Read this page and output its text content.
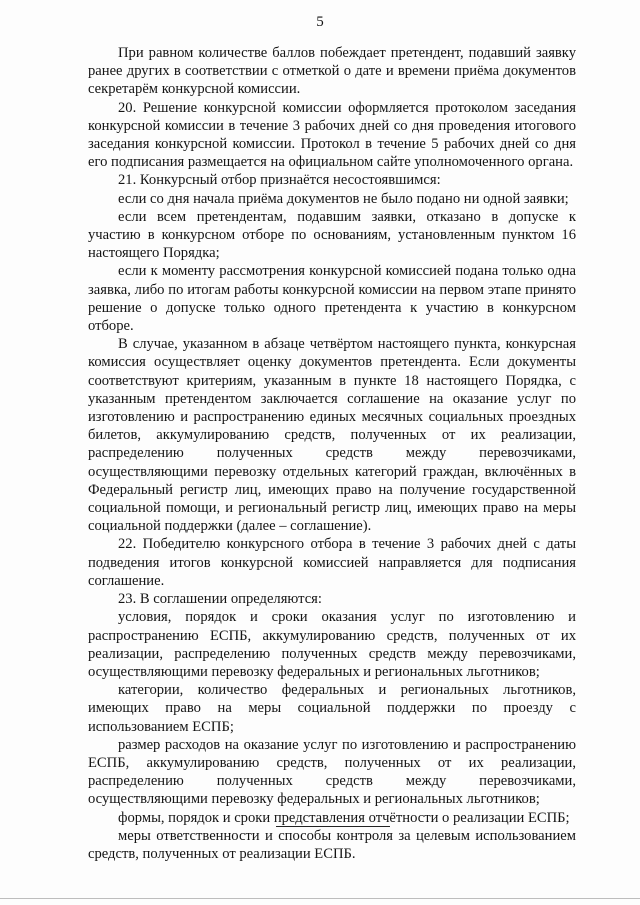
5

При равном количестве баллов побеждает претендент, подавший заявку ранее других в соответствии с отметкой о дате и времени приёма документов секретарём конкурсной комиссии.

20. Решение конкурсной комиссии оформляется протоколом заседания конкурсной комиссии в течение 3 рабочих дней со дня проведения итогового заседания конкурсной комиссии. Протокол в течение 5 рабочих дней со дня его подписания размещается на официальном сайте уполномоченного органа.

21. Конкурсный отбор признаётся несостоявшимся:

если со дня начала приёма документов не было подано ни одной заявки;

если всем претендентам, подавшим заявки, отказано в допуске к участию в конкурсном отборе по основаниям, установленным пунктом 16 настоящего Порядка;

если к моменту рассмотрения конкурсной комиссией подана только одна заявка, либо по итогам работы конкурсной комиссии на первом этапе принято решение о допуске только одного претендента к участию в конкурсном отборе.

В случае, указанном в абзаце четвёртом настоящего пункта, конкурсная комиссия осуществляет оценку документов претендента. Если документы соответствуют критериям, указанным в пункте 18 настоящего Порядка, с указанным претендентом заключается соглашение на оказание услуг по изготовлению и распространению единых месячных социальных проездных билетов, аккумулированию средств, полученных от их реализации, распределению полученных средств между перевозчиками, осуществляющими перевозку отдельных категорий граждан, включённых в Федеральный регистр лиц, имеющих право на получение государственной социальной помощи, и региональный регистр лиц, имеющих право на меры социальной поддержки (далее – соглашение).

22. Победителю конкурсного отбора в течение 3 рабочих дней с даты подведения итогов конкурсной комиссией направляется для подписания соглашение.

23. В соглашении определяются:

условия, порядок и сроки оказания услуг по изготовлению и распространению ЕСПБ, аккумулированию средств, полученных от их реализации, распределению полученных средств между перевозчиками, осуществляющими перевозку федеральных и региональных льготников;

категории, количество федеральных и региональных льготников, имеющих право на меры социальной поддержки по проезду с использованием ЕСПБ;

размер расходов на оказание услуг по изготовлению и распространению ЕСПБ, аккумулированию средств, полученных от их реализации, распределению полученных средств между перевозчиками, осуществляющими перевозку федеральных и региональных льготников;

формы, порядок и сроки представления отчётности о реализации ЕСПБ;

меры ответственности и способы контроля за целевым использованием средств, полученных от реализации ЕСПБ.
